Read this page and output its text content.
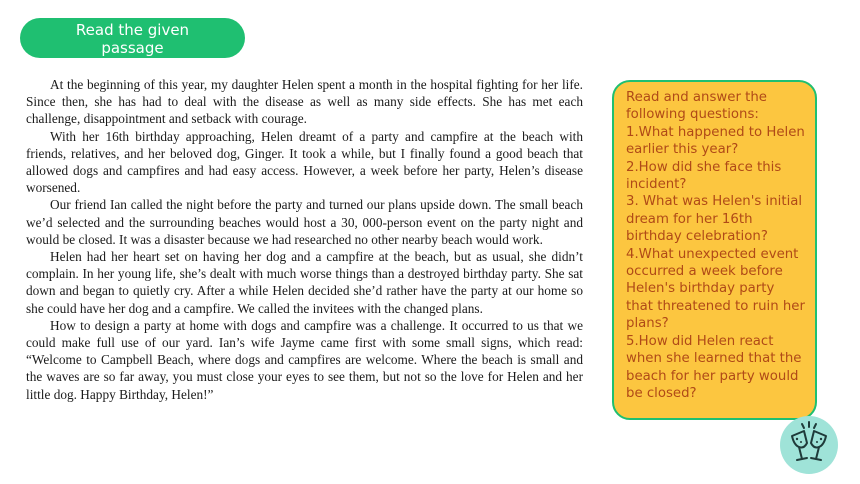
Read the given passage

At the beginning of this year, my daughter Helen spent a month in the hospital fighting for her life. Since then, she has had to deal with the disease as well as many side effects. She has met each challenge, disappointment and setback with courage.

With her 16th birthday approaching, Helen dreamt of a party and campfire at the beach with friends, relatives, and her beloved dog, Ginger. It took a while, but I finally found a good beach that allowed dogs and campfires and had easy access. However, a week before her party, Helen’s disease worsened.

Our friend Ian called the night before the party and turned our plans upside down. The small beach we’d selected and the surrounding beaches would host a 30, 000-person event on the party night and would be closed. It was a disaster because we had researched no other nearby beach would work.

Helen had her heart set on having her dog and a campfire at the beach, but as usual, she didn’t complain. In her young life, she’s dealt with much worse things than a destroyed birthday party. She sat down and began to quietly cry. After a while Helen decided she’d rather have the party at our home so she could have her dog and a campfire. We called the invitees with the changed plans.

How to design a party at home with dogs and campfire was a challenge. It occurred to us that we could make full use of our yard. Ian’s wife Jayme came first with some small signs, which read: “Welcome to Campbell Beach, where dogs and campfires are welcome. Where the beach is small and the waves are so far away, you must close your eyes to see them, but not so the love for Helen and her little dog. Happy Birthday, Helen!”

Read and answer the following questions:
1.What happened to Helen earlier this year?
2.How did she face this incident?
3. What was Helen's initial dream for her 16th birthday celebration?
4.What unexpected event occurred a week before Helen's birthday party that threatened to ruin her plans?
5.How did Helen react when she learned that the beach for her party would be closed?
